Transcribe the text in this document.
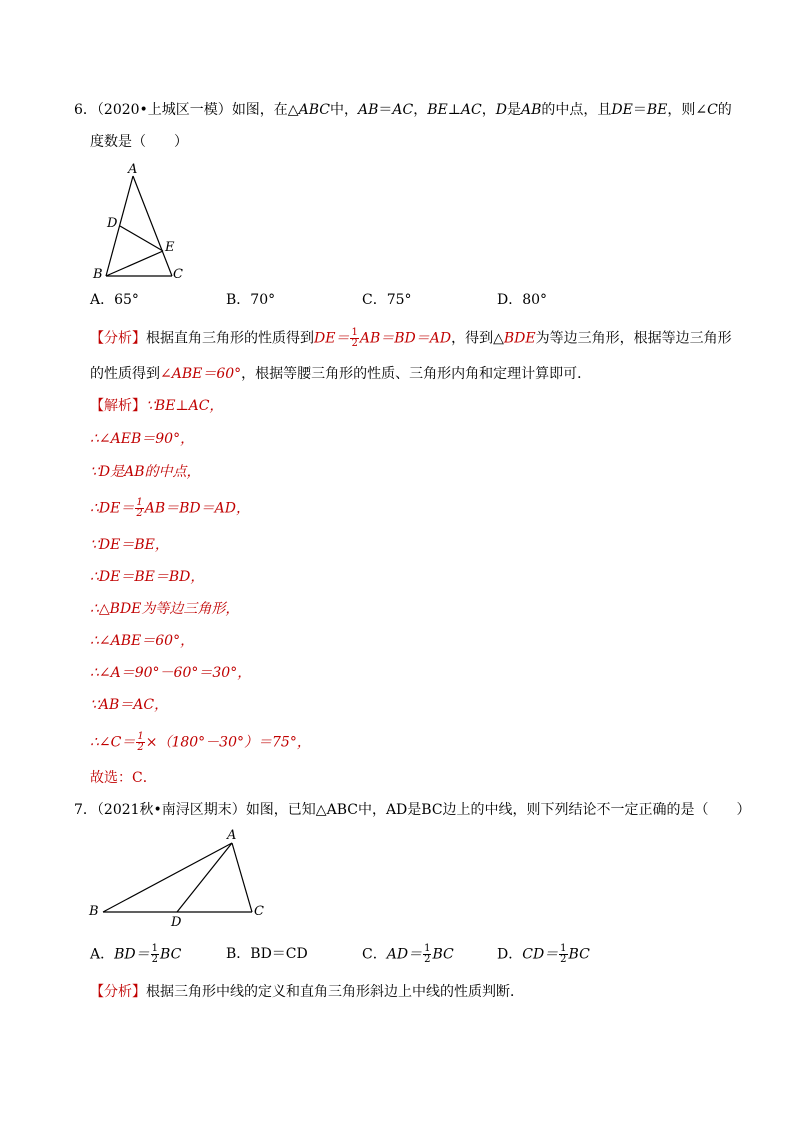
6．（2020•上城区一模）如图，在△ABC中，AB＝AC，BE⊥AC，D是AB的中点，且DE＝BE，则∠C的
度数是（　　）
A
D
E
B	C
A．65°	B．70°	C．75°	D．80°
【分析】根据直角三角形的性质得到$DE= \frac{1}{2} AB=BD=AD$，得到△BDE为等边三角形，根据等边三角形
的性质得到∠ABE＝60°，根据等腰三角形的性质、三角形内角和定理计算即可．
【解析】∵BE⊥AC，
∴∠AEB＝90°，
∵D是AB的中点，
∴DE＝ $\frac{1}{2} AB=BD=AD$，
∵DE＝BE，
∴DE＝BE＝BD，
∴△BDE为等边三角形，
∴∠ABE＝60°，
∴∠A＝90°－60°＝30°，
∵AB＝AC，
∴∠C＝ $\frac{1}{2} \times(180^\circ-30^\circ)=75^\circ$，
故选：C．
7．（2021秋•南浔区期末）如图，已知△ABC中，AD是BC边上的中线，则下列结论不一定正确的是（　　）
A
B
D
C
A．$BD= \frac{1}{2}$ BC	B．BD＝CD	C．$AD= \frac{1}{2}$ BC	D．$CD= \frac{1}{2}$ BC
【分析】根据三角形中线的定义和直角三角形斜边上中线的性质判断．
